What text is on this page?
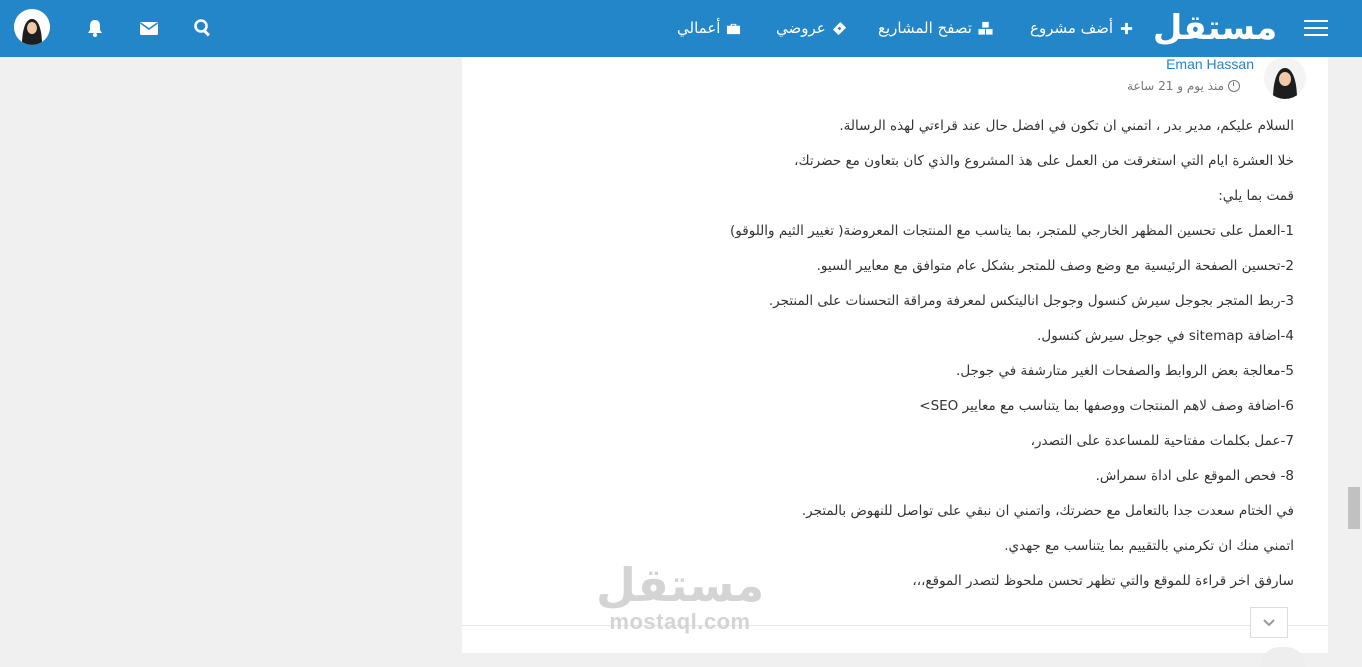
مستقل
أضف مشروع
تصفح المشاريع
عروضي
أعمالي
Eman Hassan
منذ يوم و 21 ساعة

السلام عليكم، مدير بدر ، اتمني ان تكون في افضل حال عند قراءتي لهذه الرسالة.

خلا العشرة ايام التي استغرقت من العمل على هذ المشروع والذي كان بتعاون مع حضرتك،

قمت بما يلي:

1-العمل على تحسين المظهر الخارجي للمتجر، بما يتاسب مع المنتجات المعروضة( تغيير الثيم واللوقو)

2-تحسين الصفحة الرئيسية مع وضع وصف للمتجر بشكل عام متوافق مع معايير السيو.

3-ربط المتجر بجوجل سيرش كنسول وجوجل اناليتكس لمعرفة ومراقة التحسنات على المنتجر.

4-اضافة sitemap في جوجل سيرش كنسول.

5-معالجة بعض الروابط والصفحات الغير متارشفة في جوجل.

6-اضافة وصف لاهم المنتجات ووصفها بما يتناسب مع معايير SEO>

7-عمل بكلمات مفتاحية للمساعدة على التصدر،

8- فحص الموقع على اداة سمراش.

في الختام سعدت جدا بالتعامل مع حضرتك، واتمني ان نبقي على تواصل للنهوض بالمتجر.

اتمني منك ان تكرمني بالتقييم بما يتناسب مع جهدي.

سارفق اخر قراءة للموقع والتي تظهر تحسن ملحوظ لتصدر الموقع،،،

مستقل
mostaql.com
